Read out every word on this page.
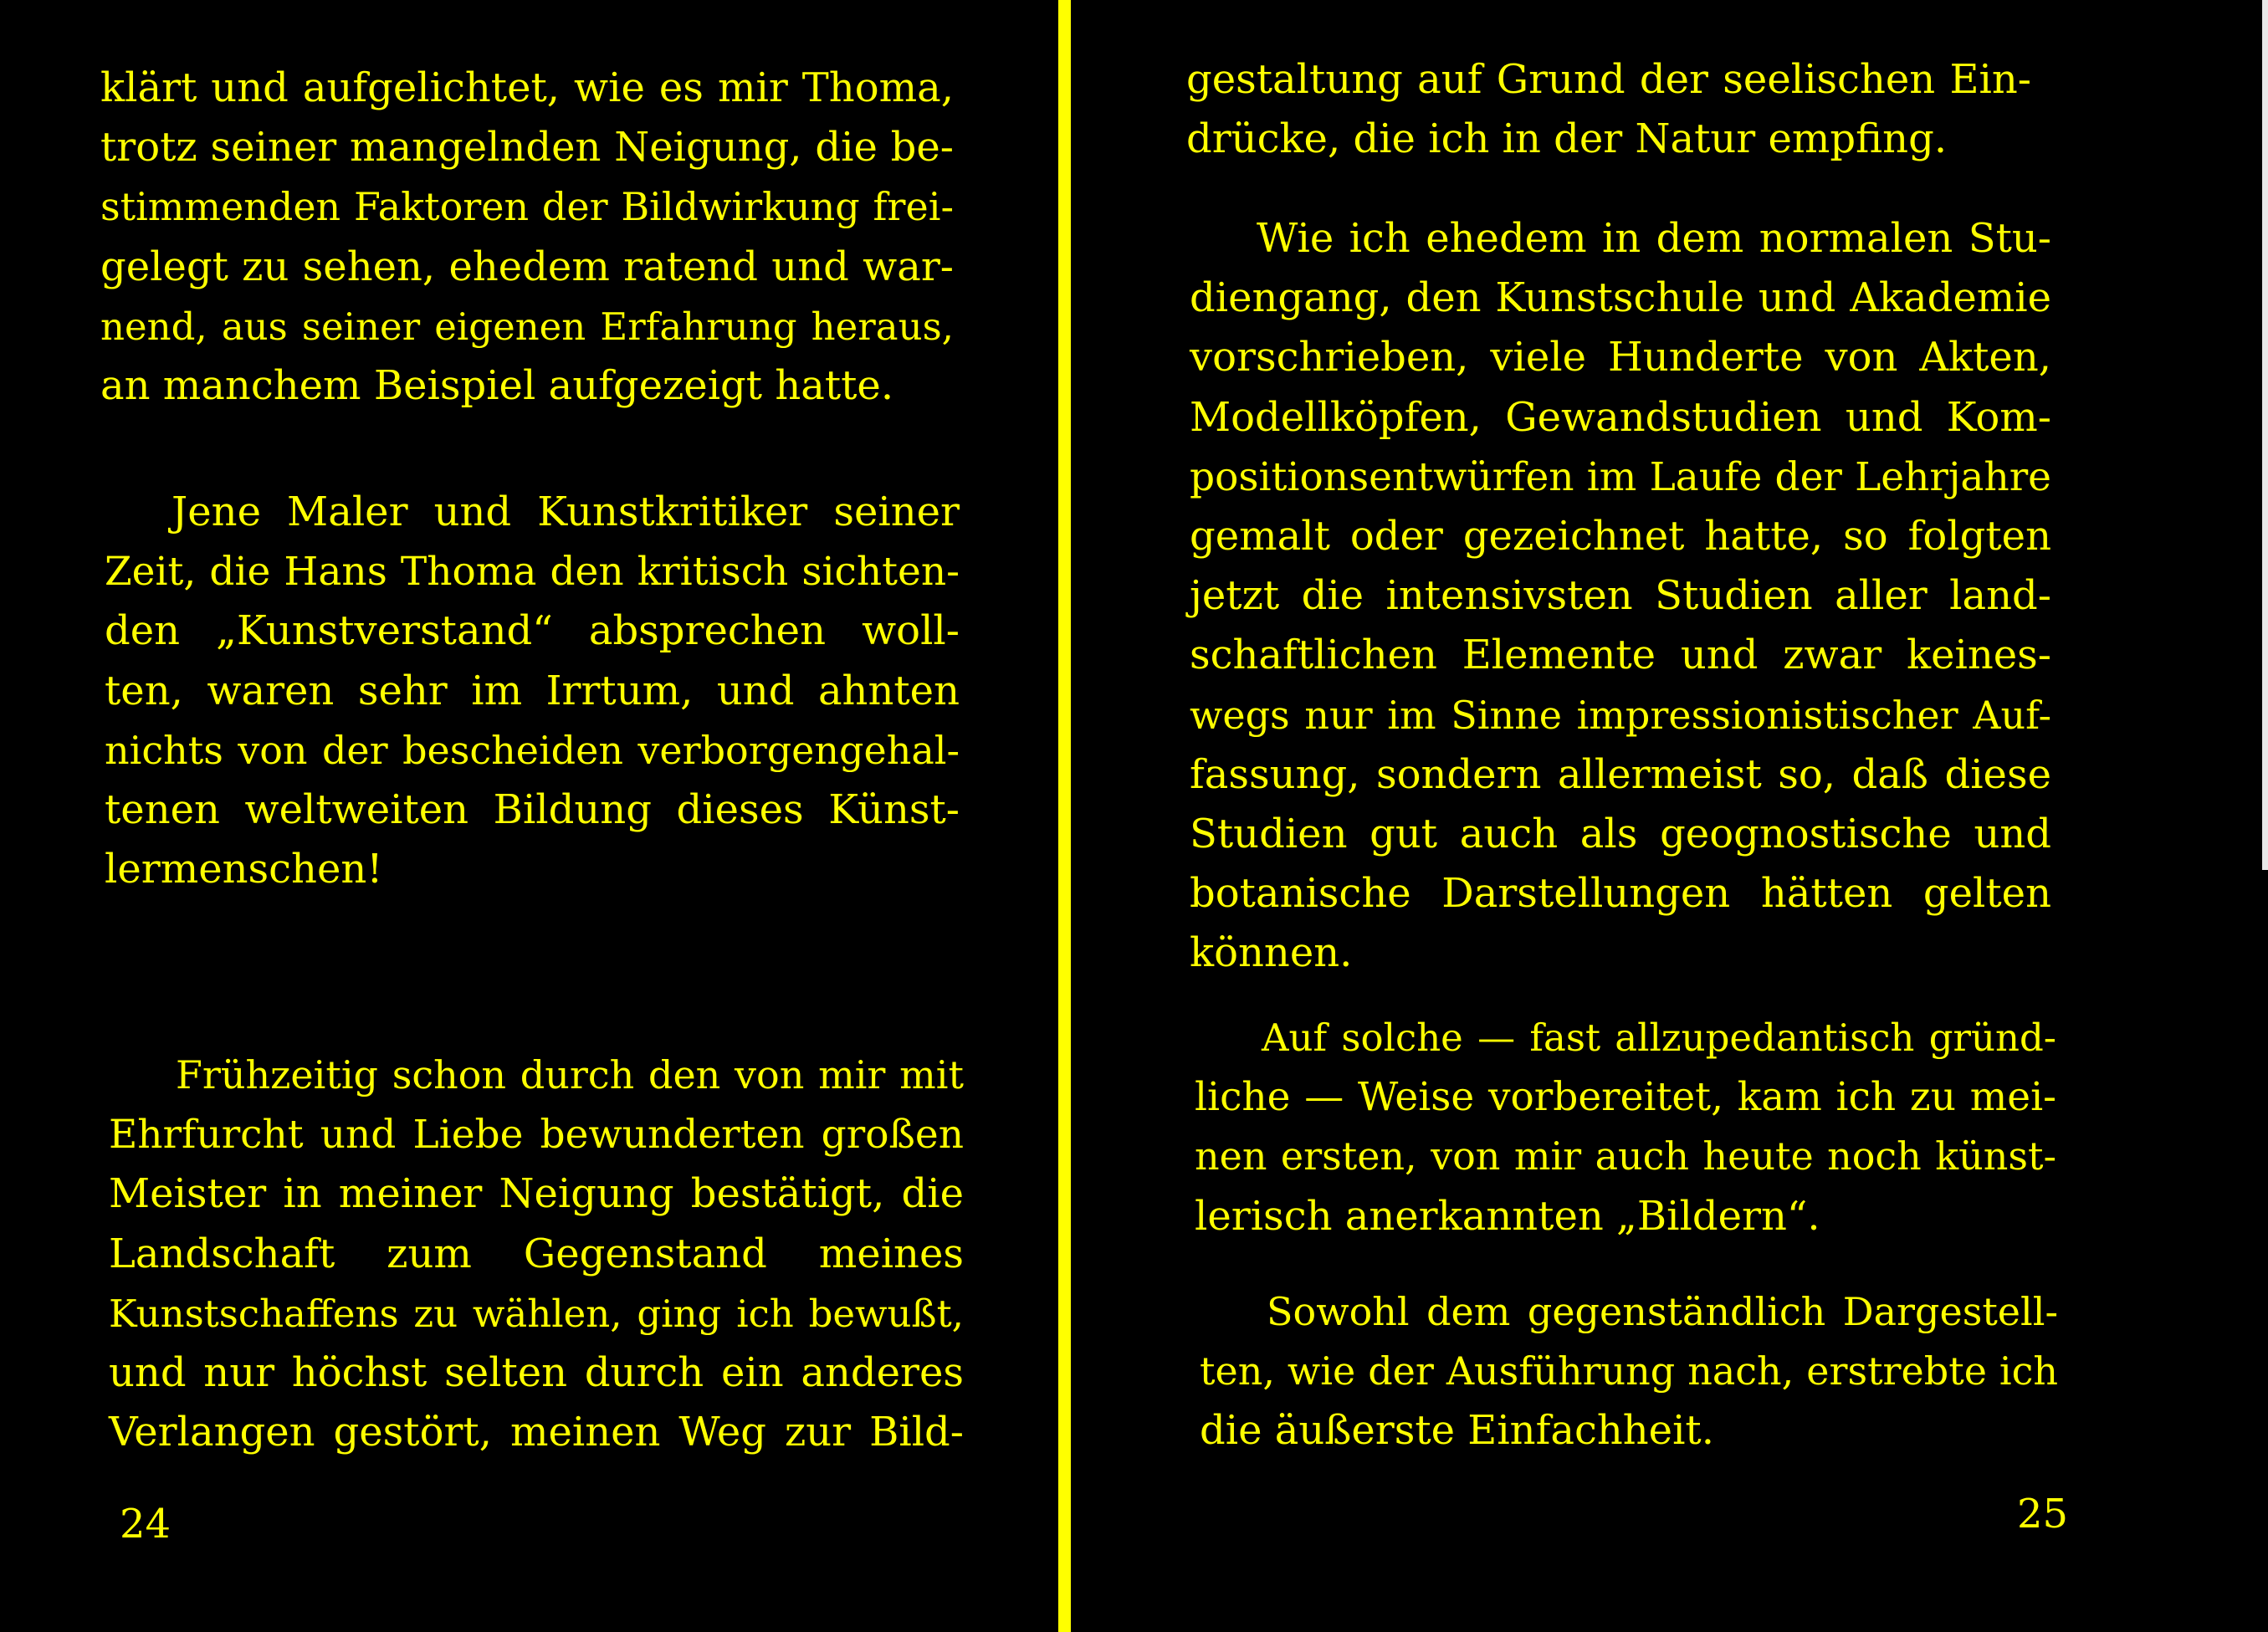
klärt und aufgelichtet, wie es mir Thoma,
trotz seiner mangelnden Neigung, die be-
stimmenden Faktoren der Bildwirkung frei-
gelegt zu sehen, ehedem ratend und war-
nend, aus seiner eigenen Erfahrung heraus,
an manchem Beispiel aufgezeigt hatte.
Jene Maler und Kunstkritiker seiner
Zeit, die Hans Thoma den kritisch sichten-
den „Kunstverstand“ absprechen woll-
ten, waren sehr im Irrtum, und ahnten
nichts von der bescheiden verborgengehal-
tenen weltweiten Bildung dieses Künst-
lermenschen!
Frühzeitig schon durch den von mir mit
Ehrfurcht und Liebe bewunderten großen
Meister in meiner Neigung bestätigt, die
Landschaft zum Gegenstand meines
Kunstschaffens zu wählen, ging ich bewußt,
und nur höchst selten durch ein anderes
Verlangen gestört, meinen Weg zur Bild-
24
gestaltung auf Grund der seelischen Ein-
drücke, die ich in der Natur empfing.
Wie ich ehedem in dem normalen Stu-
diengang, den Kunstschule und Akademie
vorschrieben, viele Hunderte von Akten,
Modellköpfen, Gewandstudien und Kom-
positionsentwürfen im Laufe der Lehrjahre
gemalt oder gezeichnet hatte, so folgten
jetzt die intensivsten Studien aller land-
schaftlichen Elemente und zwar keines-
wegs nur im Sinne impressionistischer Auf-
fassung, sondern allermeist so, daß diese
Studien gut auch als geognostische und
botanische Darstellungen hätten gelten
können.
Auf solche — fast allzupedantisch gründ-
liche — Weise vorbereitet, kam ich zu mei-
nen ersten, von mir auch heute noch künst-
lerisch anerkannten „Bildern“.
Sowohl dem gegenständlich Dargestell-
ten, wie der Ausführung nach, erstrebte ich
die äußerste Einfachheit.
25
